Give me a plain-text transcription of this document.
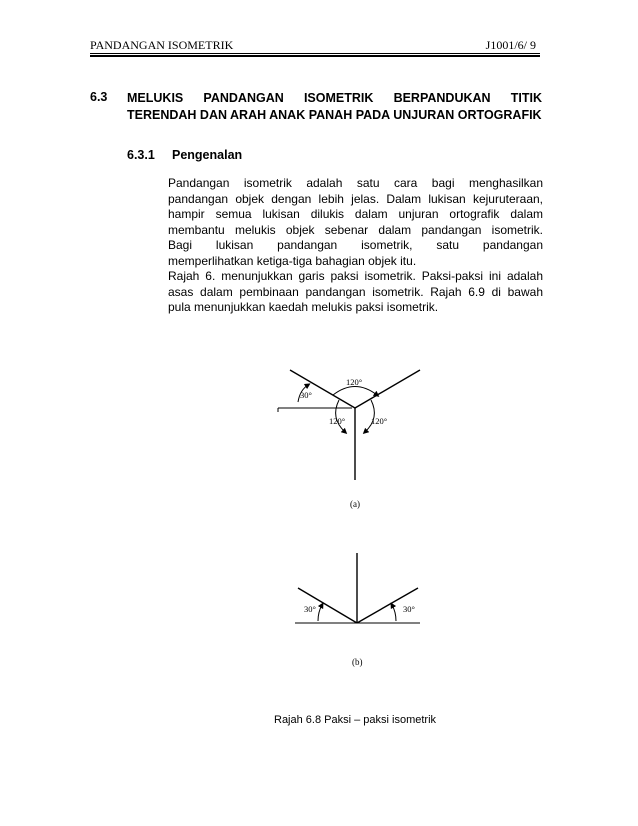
PANDANGAN ISOMETRIK	J1001/6/ 9
6.3 MELUKIS PANDANGAN ISOMETRIK BERPANDUKAN TITIK TERENDAH DAN ARAH ANAK PANAH PADA UNJURAN ORTOGRAFIK
6.3.1 Pengenalan
Pandangan isometrik adalah satu cara bagi menghasilkan
pandangan objek dengan lebih jelas. Dalam lukisan kejuruteraan,
hampir semua lukisan dilukis dalam unjuran ortografik dalam
membantu melukis objek sebenar dalam pandangan isometrik.
Bagi lukisan pandangan isometrik, satu pandangan
memperlihatkan ketiga-tiga bahagian objek itu.
Rajah 6. menunjukkan garis paksi isometrik. Paksi-paksi ini adalah
asas dalam pembinaan pandangan isometrik. Rajah 6.9 di bawah
pula menunjukkan kaedah melukis paksi isometrik.
30°
120°
120°	120°
(a)
30°	30°
(b)
Rajah 6.8 Paksi – paksi isometrik
